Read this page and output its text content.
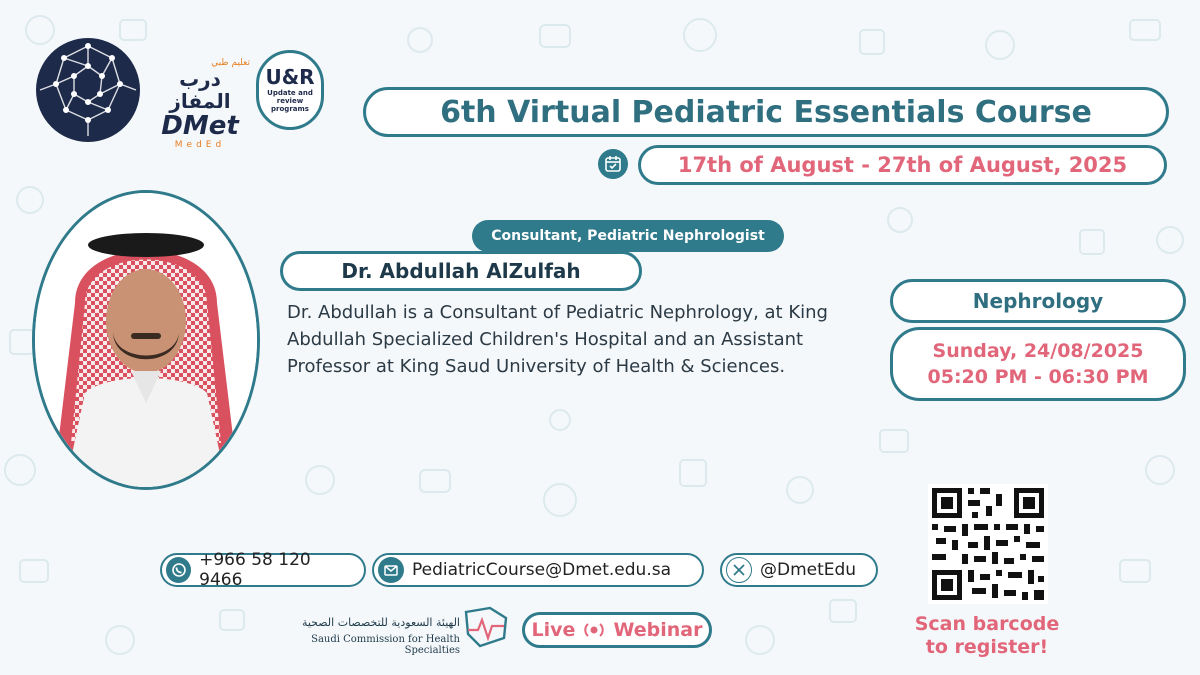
تعليم طبي
درب المفاز
DMet
MedEd
U&R
Update and review programs	6th Virtual Pediatric Essentials Course
17th of August - 27th of August, 2025
Consultant, Pediatric Nephrologist
Dr. Abdullah AlZulfah
Dr. Abdullah is a Consultant of Pediatric Nephrology, at King Abdullah Specialized Children's Hospital and an Assistant Professor at King Saud University of Health & Sciences.
Nephrology
Sunday, 24/08/2025
05:20 PM - 06:30 PM
+966 58 120 9466	PediatricCourse@Dmet.edu.sa	@DmetEdu
الهيئة السعودية للتخصصات الصحية
Saudi Commission for Health Specialties
Live Webinar	Scan barcode
to register!
